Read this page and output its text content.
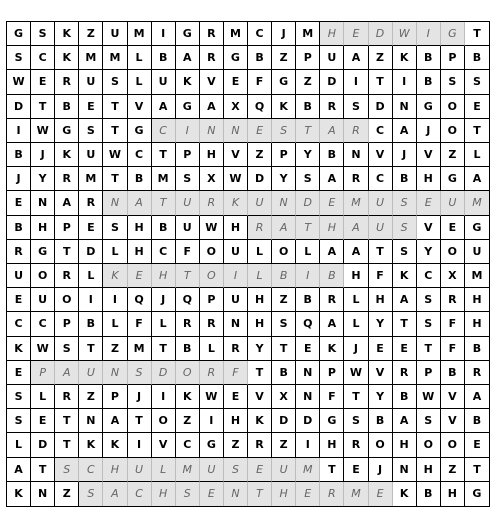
G	S	K	Z	U	M	I	G	R	M	C	J	M	H	E	D	W	I	G	T
S	C	K	M	M	L	B	A	R	G	B	Z	P	U	A	Z	K	B	P	B
W	E	R	U	S	L	U	K	V	E	F	G	Z	D	I	T	I	B	S	S
D	T	B	E	T	V	A	G	A	X	Q	K	B	R	S	D	N	G	O	E
I	W	G	S	T	G	C	I	N	N	E	S	T	A	R	C	A	J	O	T
B	J	K	U	W	C	T	P	H	V	Z	P	Y	B	N	V	J	V	Z	L
J	Y	R	M	T	B	M	S	X	W	D	Y	S	A	R	C	B	H	G	A
E	N	A	R	N	A	T	U	R	K	U	N	D	E	M	U	S	E	U	M
B	H	P	E	S	H	B	U	W	H	R	A	T	H	A	U	S	V	E	G
R	G	T	D	L	H	C	F	O	U	L	O	L	A	A	T	S	Y	O	U
U	O	R	L	K	E	H	T	O	I	L	B	I	B	H	F	K	C	X	M
E	U	O	I	I	Q	J	Q	P	U	H	Z	B	R	L	H	A	S	R	H
C	C	P	B	L	F	L	R	R	N	H	S	Q	A	L	Y	T	S	F	H
K	W	S	T	Z	M	T	B	L	R	Y	T	E	K	J	E	E	T	F	B
E	P	A	U	N	S	D	O	R	F	T	B	N	P	W	V	R	P	B	R
S	L	R	Z	P	J	I	K	W	E	V	X	N	F	T	Y	B	W	V	A
S	E	T	N	A	T	O	Z	I	H	K	D	D	G	S	B	A	S	V	B
L	D	T	K	K	I	V	C	G	Z	R	Z	I	H	R	O	H	O	O	E
A	T	S	C	H	U	L	M	U	S	E	U	M	T	E	J	N	H	Z	T
K	N	Z	S	A	C	H	S	E	N	T	H	E	R	M	E	K	B	H	G
